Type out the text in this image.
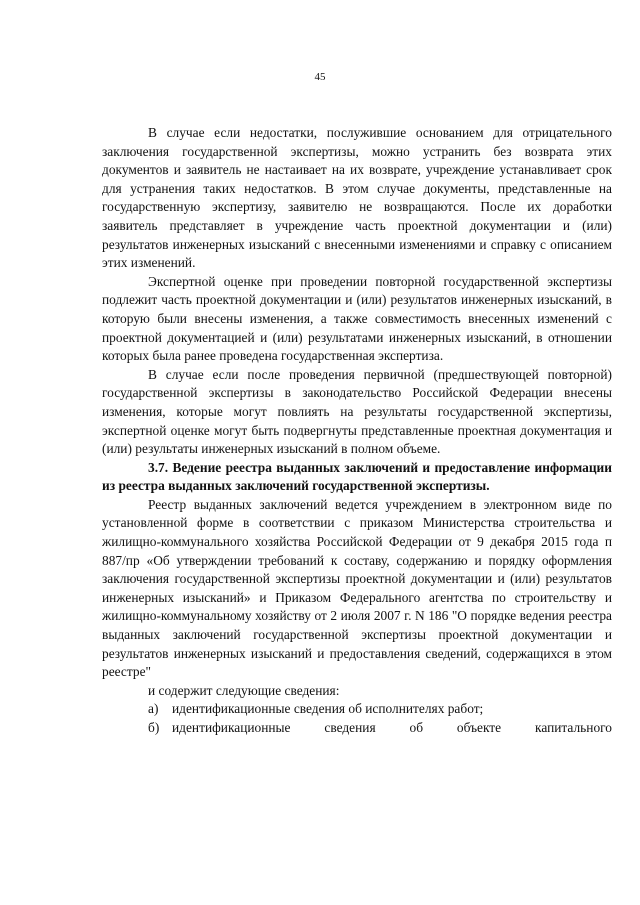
45

В случае если недостатки, послужившие основанием для отрицательного заключения государственной экспертизы, можно устранить без возврата этих документов и заявитель не настаивает на их возврате, учреждение устанавливает срок для устранения таких недостатков. В этом случае документы, представленные на государственную экспертизу, заявителю не возвращаются. После их доработки заявитель представляет в учреждение часть проектной документации и (или) результатов инженерных изысканий с внесенными изменениями и справку с описанием этих изменений.

Экспертной оценке при проведении повторной государственной экспертизы подлежит часть проектной документации и (или) результатов инженерных изысканий, в которую были внесены изменения, а также совместимость внесенных изменений с проектной документацией и (или) результатами инженерных изысканий, в отношении которых была ранее проведена государственная экспертиза.

В случае если после проведения первичной (предшествующей повторной) государственной экспертизы в законодательство Российской Федерации внесены изменения, которые могут повлиять на результаты государственной экспертизы, экспертной оценке могут быть подвергнуты представленные проектная документация и (или) результаты инженерных изысканий в полном объеме.

3.7. Ведение реестра выданных заключений и предоставление информации из реестра выданных заключений государственной экспертизы.

Реестр выданных заключений ведется учреждением в электронном виде по установленной форме в соответствии с приказом Министерства строительства и жилищно-коммунального хозяйства Российской Федерации от 9 декабря 2015 года п 887/пр «Об утверждении требований к составу, содержанию и порядку оформления заключения государственной экспертизы проектной документации и (или) результатов инженерных изысканий» и Приказом Федерального агентства по строительству и жилищно-коммунальному хозяйству от 2 июля 2007 г. N 186 "О порядке ведения реестра выданных заключений государственной экспертизы проектной документации и результатов инженерных изысканий и предоставления сведений, содержащихся в этом реестре"

и содержит следующие сведения:

а)	идентификационные сведения об исполнителях работ;
б) идентификационные сведения об объекте капитального
